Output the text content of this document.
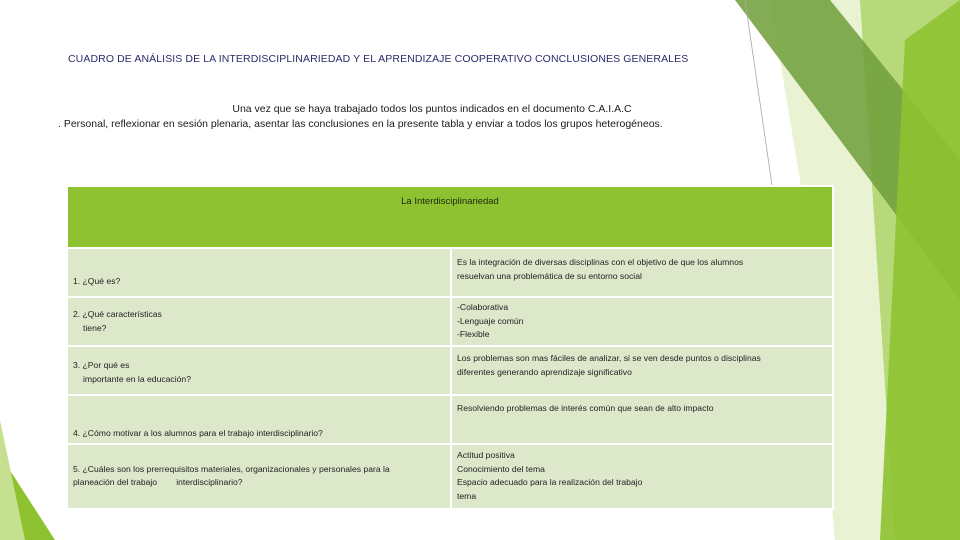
CUADRO DE ANÁLISIS DE LA INTERDISCIPLINARIEDAD Y EL APRENDIZAJE COOPERATIVO CONCLUSIONES GENERALES
Una vez que se haya trabajado todos los puntos indicados en el documento C.A.I.A.C

. Personal, reflexionar en sesión plenaria, asentar las conclusiones en la presente tabla y enviar a todos los grupos heterogéneos.
La Interdisciplinariedad	
1. ¿Qué es?	Es la integración de diversas disciplinas con el objetivo de que los alumnos
resuelvan una problemática de su entorno social

2. ¿Qué características
tiene?	-Colaborativa
-Lenguaje común
-Flexible

3. ¿Por qué es
importante en la educación?	Los problemas son mas fáciles de analizar, si se ven desde puntos o disciplinas
diferentes generando aprendizaje significativo

4. ¿Cómo motivar a los alumnos para el trabajo interdisciplinario?	Resolviendo problemas de interés común que sean de alto impacto

5. ¿Cuáles son los prerrequisitos materiales, organizacionales y personales para la
planeación del trabajo        interdisciplinario?	Actitud positiva
Conocimiento del tema
Espacio adecuado para la realización del trabajo
tema
